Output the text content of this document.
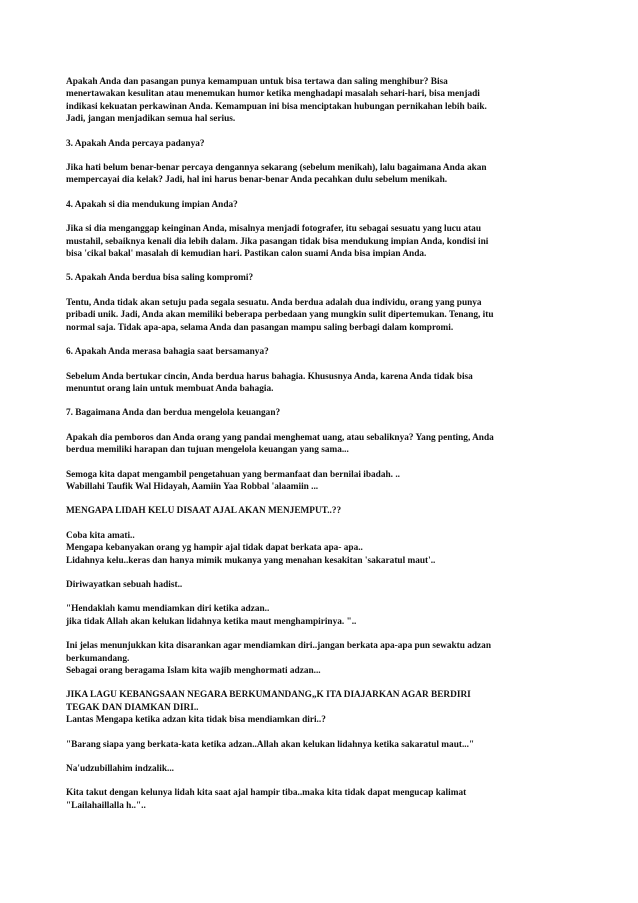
Apakah Anda dan pasangan punya kemampuan untuk bisa tertawa dan saling menghibur? Bisa
menertawakan kesulitan atau menemukan humor ketika menghadapi masalah sehari-hari, bisa menjadi
indikasi kekuatan perkawinan Anda. Kemampuan ini bisa menciptakan hubungan pernikahan lebih baik.
Jadi, jangan menjadikan semua hal serius.

3. Apakah Anda percaya padanya?

Jika hati belum benar-benar percaya dengannya sekarang (sebelum menikah), lalu bagaimana Anda akan
mempercayai dia kelak? Jadi, hal ini harus benar-benar Anda pecahkan dulu sebelum menikah.

4. Apakah si dia mendukung impian Anda?

Jika si dia menganggap keinginan Anda, misalnya menjadi fotografer, itu sebagai sesuatu yang lucu atau
mustahil, sebaiknya kenali dia lebih dalam. Jika pasangan tidak bisa mendukung impian Anda, kondisi ini
bisa 'cikal bakal' masalah di kemudian hari. Pastikan calon suami Anda bisa impian Anda.

5. Apakah Anda berdua bisa saling kompromi?

Tentu, Anda tidak akan setuju pada segala sesuatu. Anda berdua adalah dua individu, orang yang punya
pribadi unik. Jadi, Anda akan memiliki beberapa perbedaan yang mungkin sulit dipertemukan. Tenang, itu
normal saja. Tidak apa-apa, selama Anda dan pasangan mampu saling berbagi dalam kompromi.

6. Apakah Anda merasa bahagia saat bersamanya?

Sebelum Anda bertukar cincin, Anda berdua harus bahagia. Khususnya Anda, karena Anda tidak bisa
menuntut orang lain untuk membuat Anda bahagia.

7. Bagaimana Anda dan berdua mengelola keuangan?

Apakah dia pemboros dan Anda orang yang pandai menghemat uang, atau sebaliknya? Yang penting, Anda
berdua memiliki harapan dan tujuan mengelola keuangan yang sama...

Semoga kita dapat mengambil pengetahuan yang bermanfaat dan bernilai ibadah. ..
Wabillahi Taufik Wal Hidayah, Aamiin Yaa Robbal 'alaamiin ...

MENGAPA LIDAH KELU DISAAT AJAL AKAN MENJEMPUT..??

Coba kita amati..
Mengapa kebanyakan orang yg hampir ajal tidak dapat berkata apa- apa..
Lidahnya kelu..keras dan hanya mimik mukanya yang menahan kesakitan 'sakaratul maut'..

Diriwayatkan sebuah hadist..

"Hendaklah kamu mendiamkan diri ketika adzan..
jika tidak Allah akan kelukan lidahnya ketika maut menghampirinya. "..

Ini jelas menunjukkan kita disarankan agar mendiamkan diri..jangan berkata apa-apa pun sewaktu adzan
berkumandang.
Sebagai orang beragama Islam kita wajib menghormati adzan...

JIKA LAGU KEBANGSAAN NEGARA BERKUMANDANG„K ITA DIAJARKAN AGAR BERDIRI
TEGAK DAN DIAMKAN DIRI..
Lantas Mengapa ketika adzan kita tidak bisa mendiamkan diri..?

"Barang siapa yang berkata-kata ketika adzan..Allah akan kelukan lidahnya ketika sakaratul maut..."

Na'udzubillahim indzalik...

Kita takut dengan kelunya lidah kita saat ajal hampir tiba..maka kita tidak dapat mengucap kalimat
"Lailahaillalla h.."..
